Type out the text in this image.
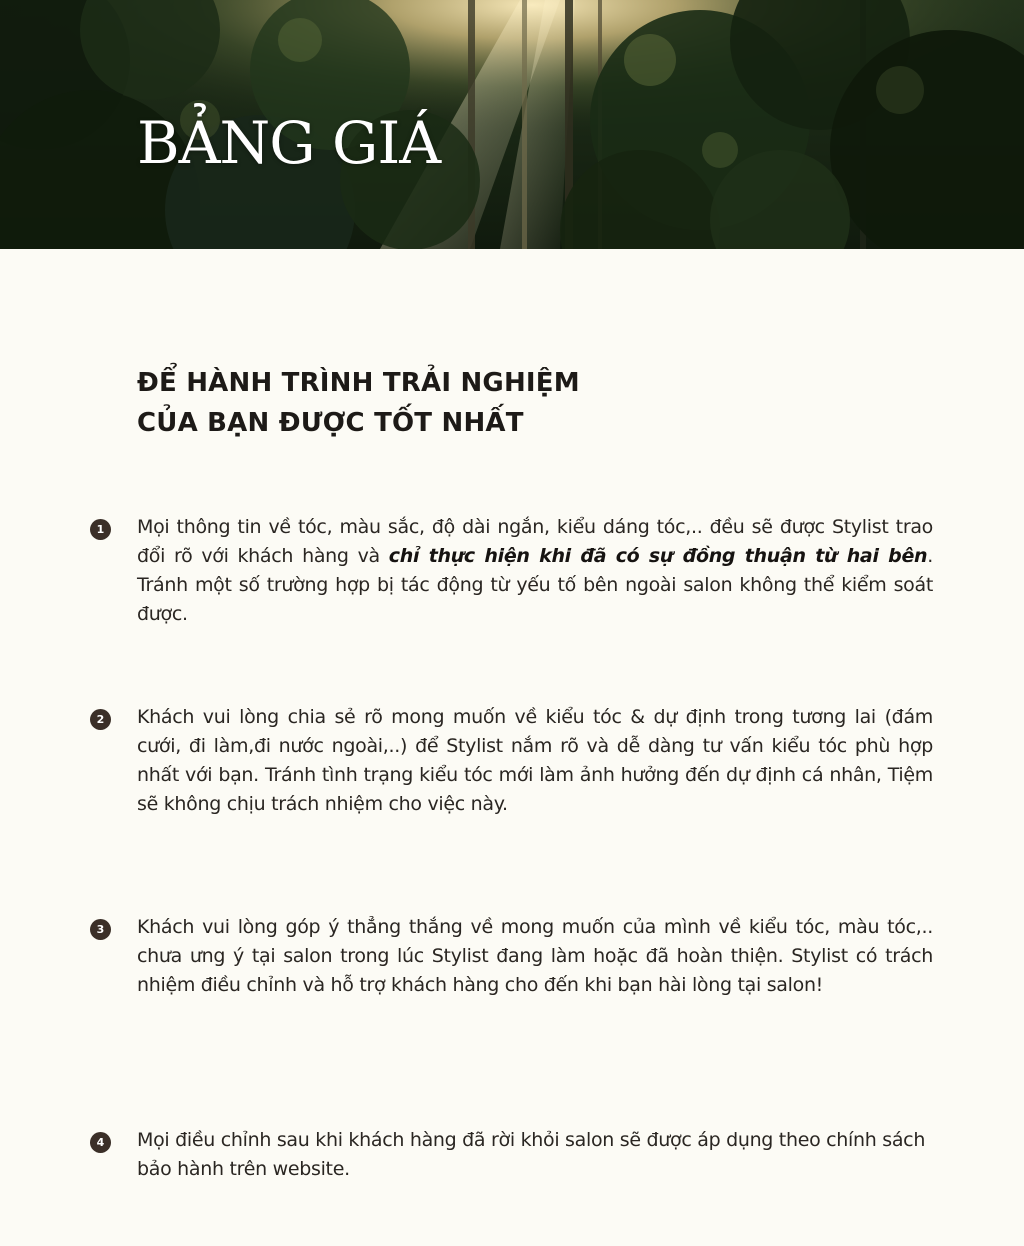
BẢNG GIÁ
ĐỂ HÀNH TRÌNH TRẢI NGHIỆM
CỦA BẠN ĐƯỢC TỐT NHẤT
1	Mọi thông tin về tóc, màu sắc, độ dài ngắn, kiểu dáng tóc,.. đều sẽ được Stylist trao đổi rõ với khách hàng và chỉ thực hiện khi đã có sự đồng thuận từ hai bên. Tránh một số trường hợp bị tác động từ yếu tố bên ngoài salon không thể kiểm soát được.

2	Khách vui lòng chia sẻ rõ mong muốn về kiểu tóc & dự định trong tương lai (đám cưới, đi làm,đi nước ngoài,..) để Stylist nắm rõ và dễ dàng tư vấn kiểu tóc phù hợp nhất với bạn. Tránh tình trạng kiểu tóc mới làm ảnh hưởng đến dự định cá nhân, Tiệm sẽ không chịu trách nhiệm cho việc này.

3	Khách vui lòng góp ý thẳng thắng về mong muốn của mình về kiểu tóc, màu tóc,.. chưa ưng ý tại salon trong lúc Stylist đang làm hoặc đã hoàn thiện. Stylist có trách nhiệm điều chỉnh và hỗ trợ khách hàng cho đến khi bạn hài lòng tại salon!

4	Mọi điều chỉnh sau khi khách hàng đã rời khỏi salon sẽ được áp dụng theo chính sách bảo hành trên website.
